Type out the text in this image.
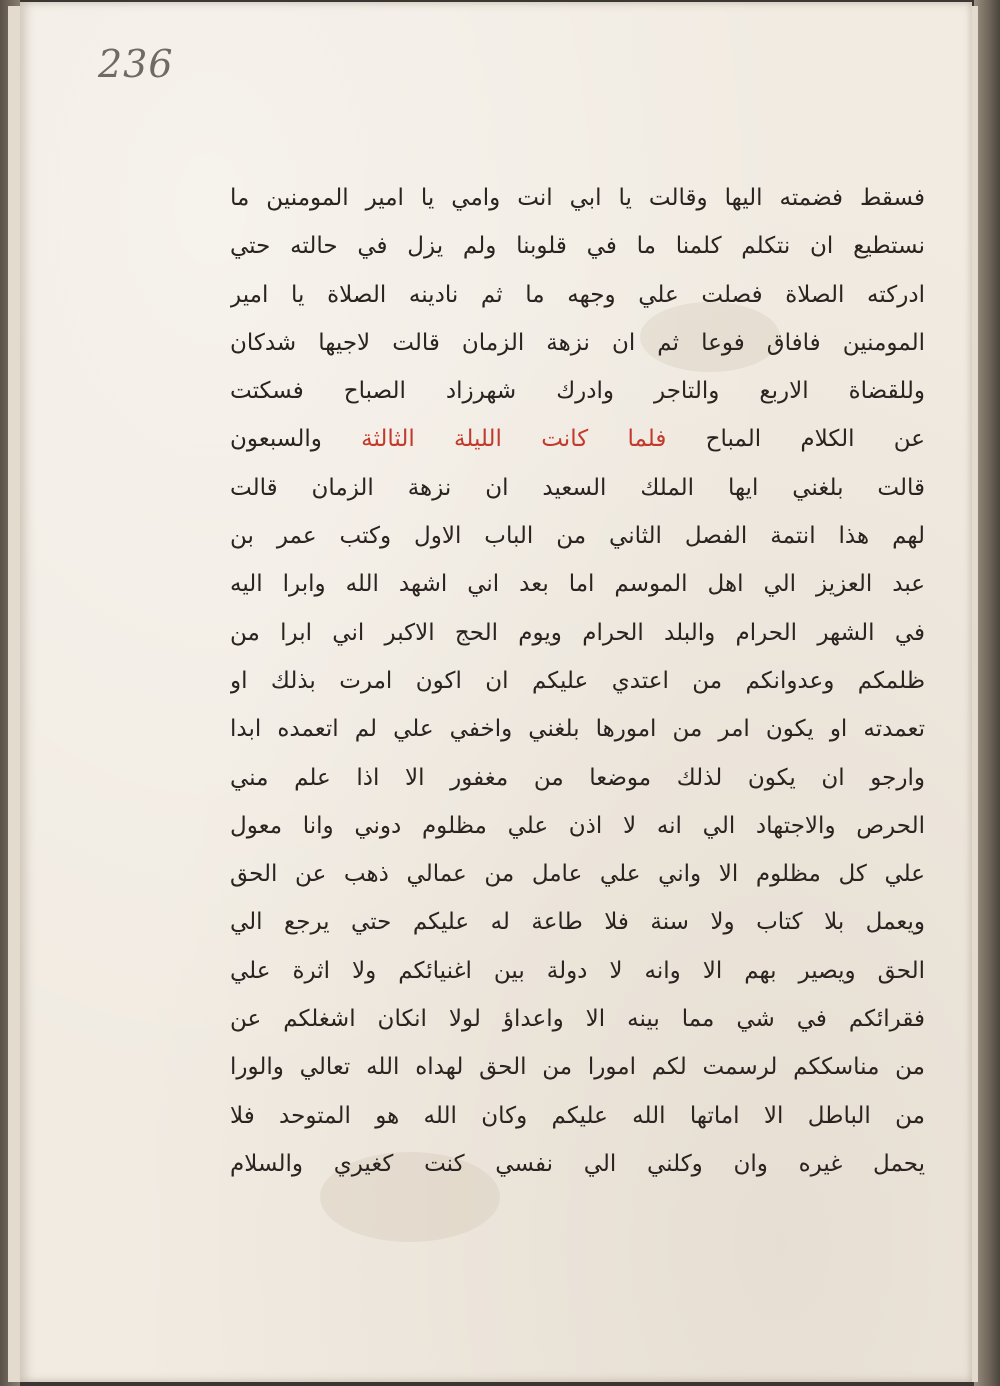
236
فسقط فضمته اليها وقالت يا ابي انت وامي يا امير المومنين ما
نستطيع ان نتكلم كلمنا ما في قلوبنا ولم يزل في حالته حتي
ادركته الصلاة فصلت علي وجهه ما ثم نادينه الصلاة يا امير
المومنين فافاق فوعا ثم ان نزهة الزمان قالت لاجيها شدكان
وللقضاة الاربع والتاجر وادرك شهرزاد الصباح فسكتت
عن الكلام المباح فلما كانت الليلة الثالثة والسبعون
قالت بلغني ايها الملك السعيد ان نزهة الزمان قالت
لهم هذا انتمة الفصل الثاني من الباب الاول وكتب عمر بن
عبد العزيز الي اهل الموسم اما بعد اني اشهد الله وابرا اليه
في الشهر الحرام والبلد الحرام ويوم الحج الاكبر اني ابرا من
ظلمكم وعدوانكم من اعتدي عليكم ان اكون امرت بذلك او
تعمدته او يكون امر من امورها بلغني واخفي علي لم اتعمده ابدا
وارجو ان يكون لذلك موضعا من مغفور الا اذا علم مني
الحرص والاجتهاد الي انه لا اذن علي مظلوم دوني وانا معول
علي كل مظلوم الا واني علي عامل من عمالي ذهب عن الحق
ويعمل بلا كتاب ولا سنة فلا طاعة له عليكم حتي يرجع الي
الحق ويصير بهم الا وانه لا دولة بين اغنيائكم ولا اثرة علي
فقرائكم في شي مما بينه الا واعداؤ لولا انكان اشغلكم عن
من مناسككم لرسمت لكم امورا من الحق لهداه الله تعالي والورا
من الباطل الا اماتها الله عليكم وكان الله هو المتوحد فلا
يحمل غيره وان وكلني الي نفسي كنت كغيري والسلام
